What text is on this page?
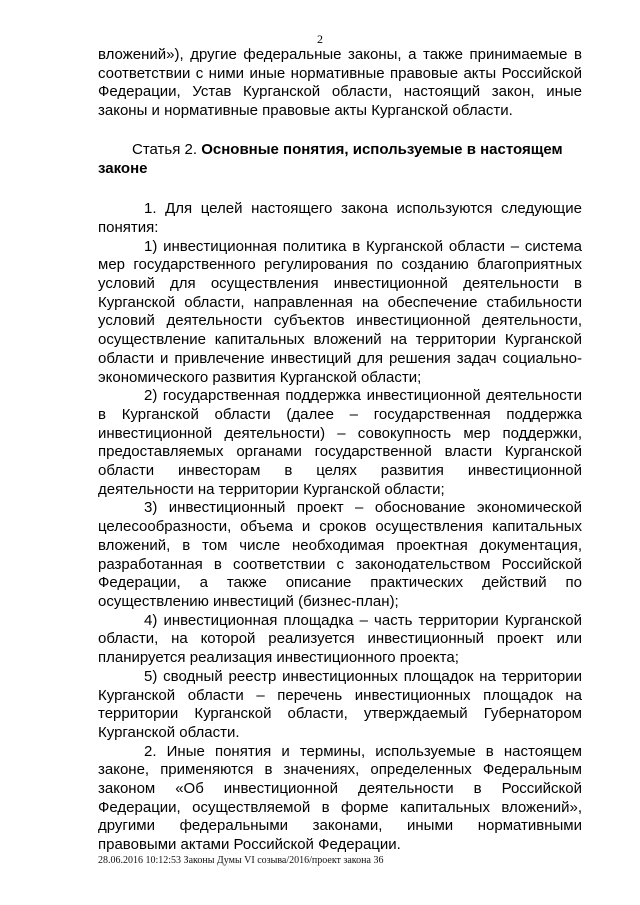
2

вложений»), другие федеральные законы, а также принимаемые в соответствии с ними иные нормативные правовые акты Российской Федерации, Устав Курганской области, настоящий закон, иные законы и нормативные правовые акты Курганской области.

Статья 2. Основные понятия, используемые в настоящем законе

1. Для целей настоящего закона используются следующие понятия:

1) инвестиционная политика в Курганской области – система мер государственного регулирования по созданию благоприятных условий для осуществления инвестиционной деятельности в Курганской области, направленная на обеспечение стабильности условий деятельности субъектов инвестиционной деятельности, осуществление капитальных вложений на территории Курганской области и привлечение инвестиций для решения задач социально-экономического развития Курганской области;

2) государственная поддержка инвестиционной деятельности в Курганской области (далее – государственная поддержка инвестиционной деятельности) – совокупность мер поддержки, предоставляемых органами государственной власти Курганской области инвесторам в целях развития инвестиционной деятельности на территории Курганской области;

3) инвестиционный проект – обоснование экономической целесообразности, объема и сроков осуществления капитальных вложений, в том числе необходимая проектная документация, разработанная в соответствии с законодательством Российской Федерации, а также описание практических действий по осуществлению инвестиций (бизнес-план);

4) инвестиционная площадка – часть территории Курганской области, на которой реализуется инвестиционный проект или планируется реализация инвестиционного проекта;

5) сводный реестр инвестиционных площадок на территории Курганской области – перечень инвестиционных площадок на территории Курганской области, утверждаемый Губернатором Курганской области.

2. Иные понятия и термины, используемые в настоящем законе, применяются в значениях, определенных Федеральным законом «Об инвестиционной деятельности в Российской Федерации, осуществляемой в форме капитальных вложений», другими федеральными законами, иными нормативными правовыми актами Российской Федерации.

28.06.2016 10:12:53 Законы Думы VI созыва/2016/проект закона 36
